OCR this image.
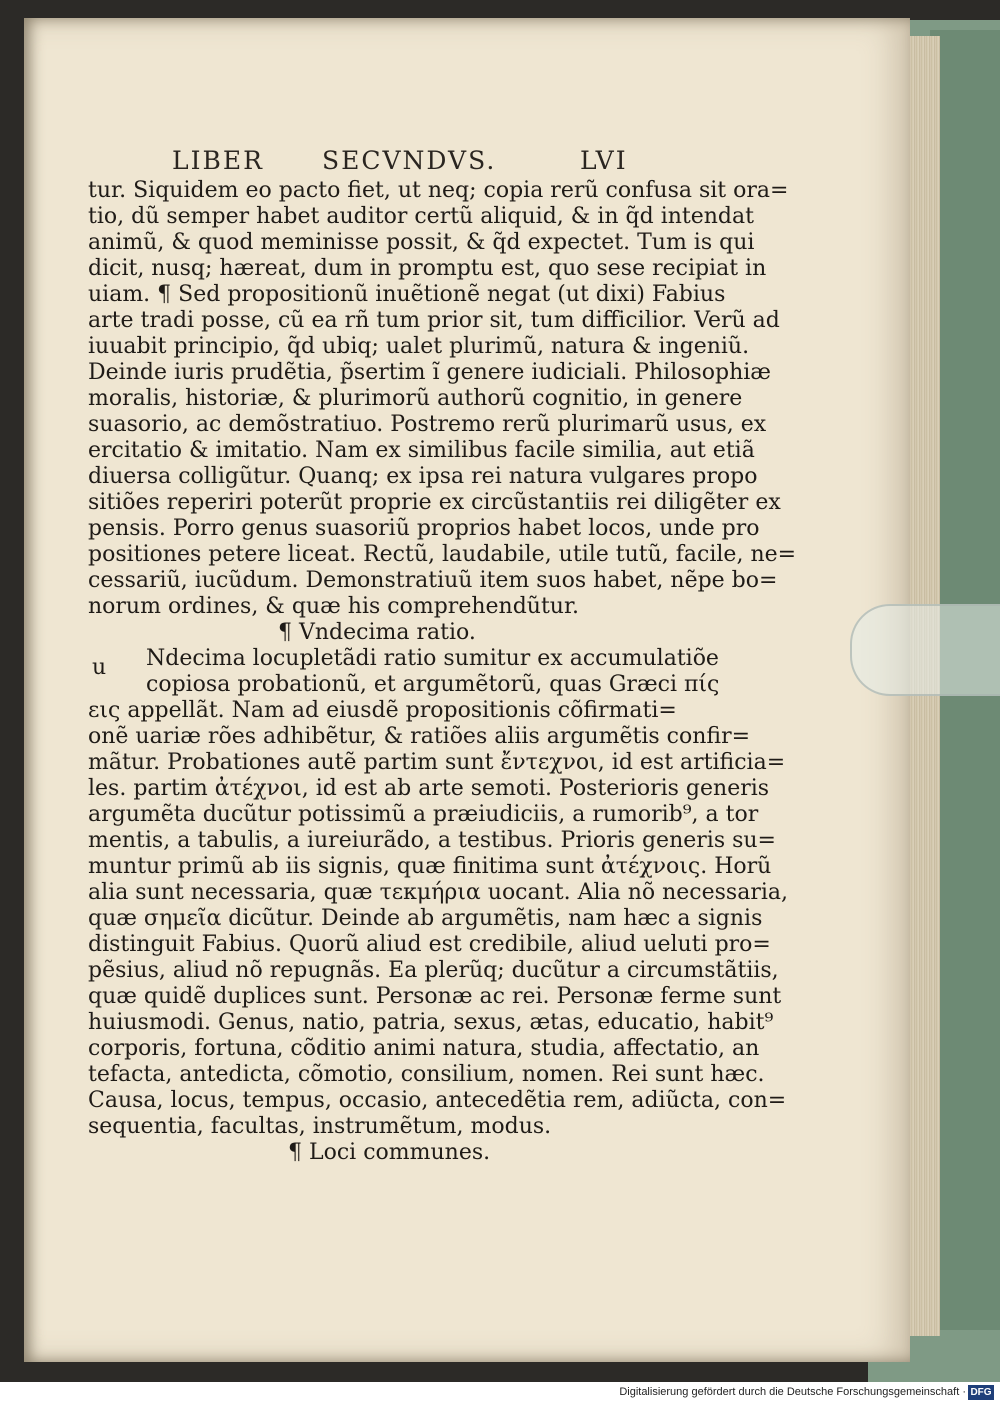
LIBER SECVNDVS.	LVI
tur. Siquidem eo pacto fiet, ut neq; copia rerũ confusa sit ora=
tio, dũ semper habet auditor certũ aliquid, & in q̃d intendat
animũ, & quod meminisse possit, & q̃d expectet. Tum is qui
dicit, nusq; hæreat, dum in promptu est, quo sese recipiat in
uiam. ¶ Sed propositionũ inuẽtionẽ negat (ut dixi) Fabius
arte tradi posse, cũ ea rñ tum prior sit, tum difficilior. Verũ ad
iuuabit principio, q̃d ubiq; ualet plurimũ, natura & ingeniũ.
Deinde iuris prudẽtia, p̃sertim ĩ genere iudiciali. Philosophiæ
moralis, historiæ, & plurimorũ authorũ cognitio, in genere
suasorio, ac demõstratiuo. Postremo rerũ plurimarũ usus, ex
ercitatio & imitatio. Nam ex similibus facile similia, aut etiã
diuersa colligũtur. Quanq; ex ipsa rei natura vulgares propo
sitiões reperiri poterũt proprie ex circũstantiis rei diligẽter ex
pensis. Porro genus suasoriũ proprios habet locos, unde pro
positiones petere liceat. Rectũ, laudabile, utile tutũ, facile, ne=
cessariũ, iucũdum. Demonstratiuũ item suos habet, nẽpe bo=
norum ordines, & quæ his comprehendũtur.
¶ Vndecima ratio.
Ndecima locupletãdi ratio sumitur ex accumulatiõe
copiosa probationũ, et argumẽtorũ, quas Græci πίς
εις appellãt. Nam ad eiusdẽ propositionis cõfirmati=
onẽ uariæ rões adhibẽtur, & ratiões aliis argumẽtis confir=
mãtur. Probationes autẽ partim sunt ἔντεχνοι, id est artificia=
les. partim ἀτέχνοι, id est ab arte semoti. Posterioris generis
argumẽta ducũtur potissimũ a præiudiciis, a rumorib⁹, a tor
mentis, a tabulis, a iureiurãdo, a testibus. Prioris generis su=
muntur primũ ab iis signis, quæ finitima sunt ἀτέχνοις. Horũ
alia sunt necessaria, quæ τεκμήρια uocant. Alia nõ necessaria,
quæ σημεῖα dicũtur. Deinde ab argumẽtis, nam hæc a signis
distinguit Fabius. Quorũ aliud est credibile, aliud ueluti pro=
pẽsius, aliud nõ repugnãs. Ea plerũq; ducũtur a circumstãtiis,
quæ quidẽ duplices sunt. Personæ ac rei. Personæ ferme sunt
huiusmodi. Genus, natio, patria, sexus, ætas, educatio, habit⁹
corporis, fortuna, cõditio animi natura, studia, affectatio, an
tefacta, antedicta, cõmotio, consilium, nomen. Rei sunt hæc.
Causa, locus, tempus, occasio, antecedẽtia rem, adiũcta, con=
sequentia, facultas, instrumẽtum, modus.
¶ Loci communes.
u
Digitalisierung gefördert durch die Deutsche Forschungsgemeinschaft · DFG
